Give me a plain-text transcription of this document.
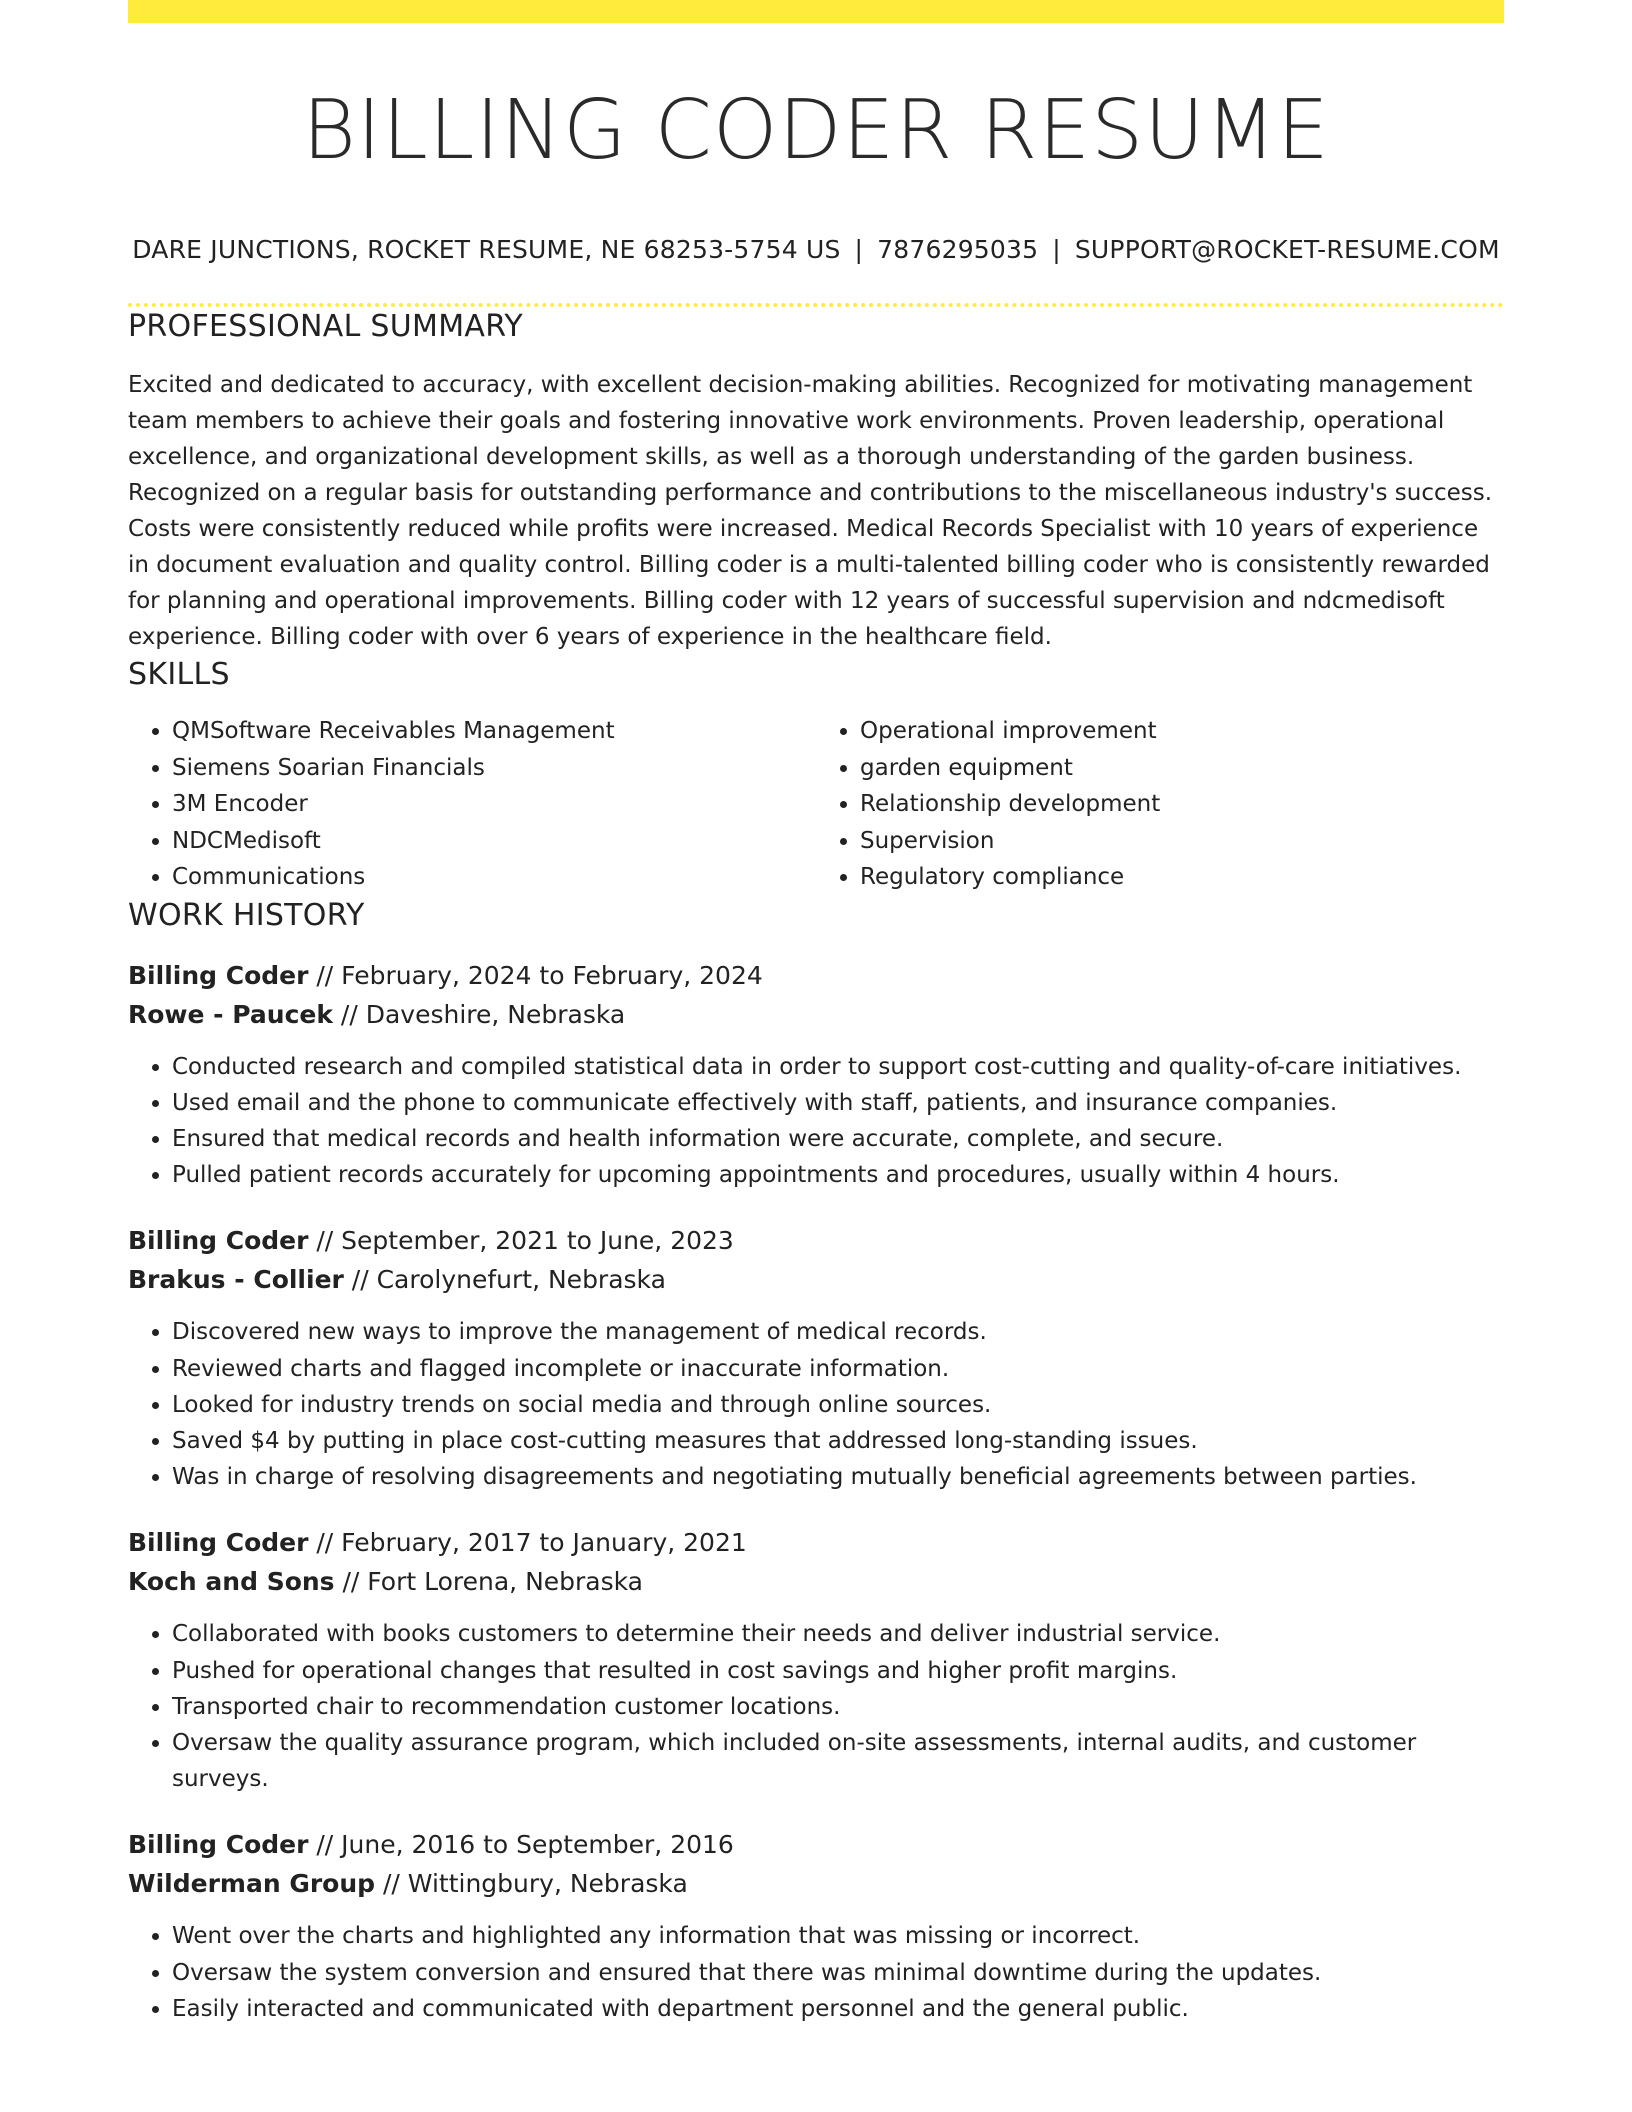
BILLING CODER RESUME
DARE JUNCTIONS, ROCKET RESUME, NE 68253-5754 US | 7876295035 | SUPPORT@ROCKET-RESUME.COM
PROFESSIONAL SUMMARY

Excited and dedicated to accuracy, with excellent decision-making abilities. Recognized for motivating management team members to achieve their goals and fostering innovative work environments. Proven leadership, operational excellence, and organizational development skills, as well as a thorough understanding of the garden business. Recognized on a regular basis for outstanding performance and contributions to the miscellaneous industry's success. Costs were consistently reduced while profits were increased. Medical Records Specialist with 10 years of experience in document evaluation and quality control. Billing coder is a multi-talented billing coder who is consistently rewarded for planning and operational improvements. Billing coder with 12 years of successful supervision and ndcmedisoft experience. Billing coder with over 6 years of experience in the healthcare field.

SKILLS
• QMSoftware Receivables Management
• Siemens Soarian Financials
• 3M Encoder
• NDCMedisoft
• Communications
• Operational improvement
• garden equipment
• Relationship development
• Supervision
• Regulatory compliance
WORK HISTORY
Billing Coder // February, 2024 to February, 2024
Rowe - Paucek // Daveshire, Nebraska
• Conducted research and compiled statistical data in order to support cost-cutting and quality-of-care initiatives.
• Used email and the phone to communicate effectively with staff, patients, and insurance companies.
• Ensured that medical records and health information were accurate, complete, and secure.
• Pulled patient records accurately for upcoming appointments and procedures, usually within 4 hours.
Billing Coder // September, 2021 to June, 2023
Brakus - Collier // Carolynefurt, Nebraska
• Discovered new ways to improve the management of medical records.
• Reviewed charts and flagged incomplete or inaccurate information.
• Looked for industry trends on social media and through online sources.
• Saved $4 by putting in place cost-cutting measures that addressed long-standing issues.
• Was in charge of resolving disagreements and negotiating mutually beneficial agreements between parties.
Billing Coder // February, 2017 to January, 2021
Koch and Sons // Fort Lorena, Nebraska
• Collaborated with books customers to determine their needs and deliver industrial service.
• Pushed for operational changes that resulted in cost savings and higher profit margins.
• Transported chair to recommendation customer locations.
• Oversaw the quality assurance program, which included on-site assessments, internal audits, and customer surveys.
Billing Coder // June, 2016 to September, 2016
Wilderman Group // Wittingbury, Nebraska
• Went over the charts and highlighted any information that was missing or incorrect.
• Oversaw the system conversion and ensured that there was minimal downtime during the updates.
• Easily interacted and communicated with department personnel and the general public.
